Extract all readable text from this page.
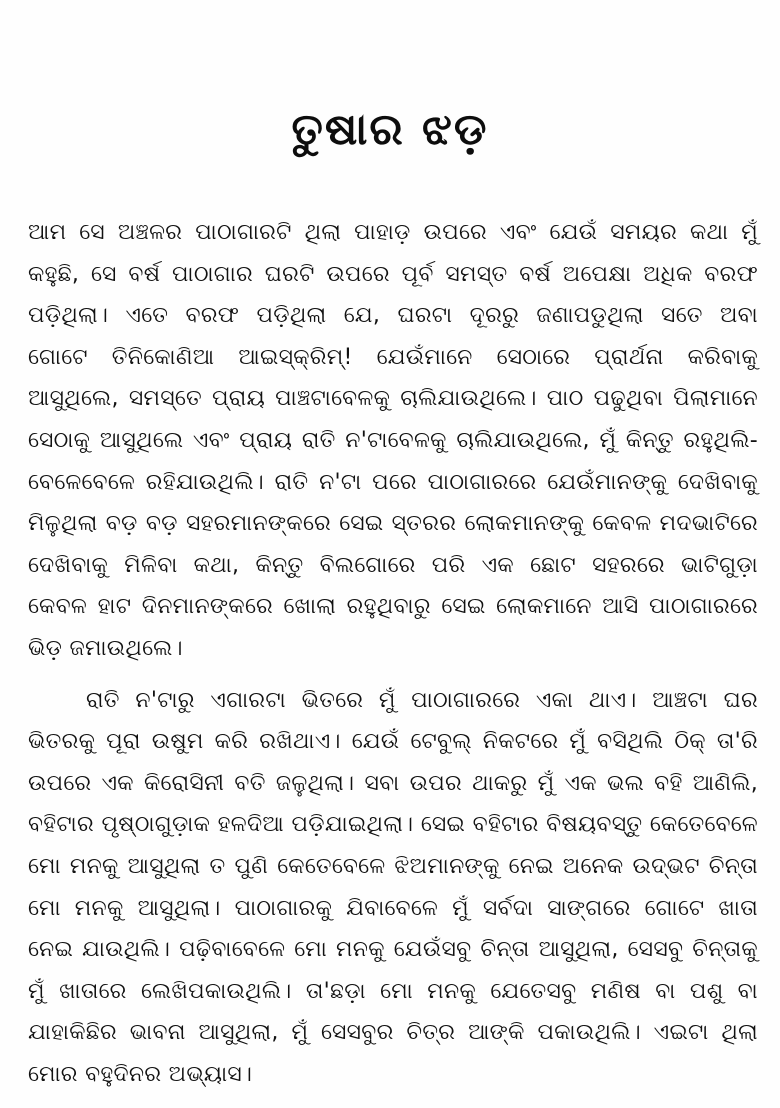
ତୁଷାର ଝଡ଼
ଆମ ସେ ଅଞ୍ଚଳର ପାଠାଗାରଟି ଥିଲା ପାହାଡ଼ ଉପରେ ଏବଂ ଯେଉଁ ସମୟର କଥା ମୁଁ
କହୁଛି, ସେ ବର୍ଷ ପାଠାଗାର ଘରଟି ଉପରେ ପୂର୍ବ ସମସ୍ତ ବର୍ଷ ଅପେକ୍ଷା ଅଧିକ ବରଫ
ପଡ଼ିଥିଲା। ଏତେ ବରଫ ପଡ଼ିଥିଲା ଯେ, ଘରଟା ଦୂରରୁ ଜଣାପଡୁଥିଲା ସତେ ଅବା
ଗୋଟେ ତିନିକୋଣିଆ ଆଇସ୍‌କ୍ରିମ୍! ଯେଉଁମାନେ ସେଠାରେ ପ୍ରାର୍ଥନା କରିବାକୁ
ଆସୁଥିଲେ, ସମସ୍ତେ ପ୍ରାୟ ପାଞ୍ଚଟାବେଳକୁ ଚାଲିଯାଉଥିଲେ। ପାଠ ପଢୁଥିବା ପିଲାମାନେ
ସେଠାକୁ ଆସୁଥିଲେ ଏବଂ ପ୍ରାୟ ରାତି ନ'ଟାବେଳକୁ ଚାଲିଯାଉଥିଲେ, ମୁଁ କିନ୍ତୁ ରହୁଥିଲି-
ବେଳେବେଳେ ରହିଯାଉଥିଲି। ରାତି ନ'ଟା ପରେ ପାଠାଗାରରେ ଯେଉଁମାନଙ୍କୁ ଦେଖିବାକୁ
ମିଳୁଥିଲା ବଡ଼ ବଡ଼ ସହରମାନଙ୍କରେ ସେଇ ସ୍ତରର ଲୋକମାନଙ୍କୁ କେବଳ ମଦଭାଟିରେ
ଦେଖିବାକୁ ମିଳିବା କଥା, କିନ୍ତୁ ବିଲଗୋରେ ପରି ଏକ ଛୋଟ ସହରରେ ଭାଟିଗୁଡ଼ା
କେବଳ ହାଟ ଦିନମାନଙ୍କରେ ଖୋଲା ରହୁଥିବାରୁ ସେଇ ଲୋକମାନେ ଆସି ପାଠାଗାରରେ
ଭିଡ଼ ଜମାଉଥିଲେ।
ରାତି ନ'ଟାରୁ ଏଗାରଟା ଭିତରେ ମୁଁ ପାଠାଗାରରେ ଏକା ଥାଏ। ଆଞ୍ଚଟା ଘର
ଭିତରକୁ ପୂରା ଉଷୁମ କରି ରଖିଥାଏ। ଯେଉଁ ଟେବୁଲ୍ ନିକଟରେ ମୁଁ ବସିଥିଲି ଠିକ୍ ତା'ରି
ଉପରେ ଏକ କିରୋସିନୀ ବତି ଜଳୁଥିଲା। ସବା ଉପର ଥାକରୁ ମୁଁ ଏକ ଭଲ ବହି ଆଣିଲି,
ବହିଟାର ପୃଷ୍ଠାଗୁଡ଼ାକ ହଳଦିଆ ପଡ଼ିଯାଇଥିଲା। ସେଇ ବହିଟାର ବିଷୟବସ୍ତୁ କେତେବେଳେ
ମୋ ମନକୁ ଆସୁଥିଲା ତ ପୁଣି କେତେବେଳେ ଝିଅମାନଙ୍କୁ ନେଇ ଅନେକ ଉଦ୍ଭଟ ଚିନ୍ତା
ମୋ ମନକୁ ଆସୁଥିଲା। ପାଠାଗାରକୁ ଯିବାବେଳେ ମୁଁ ସର୍ବଦା ସାଙ୍ଗରେ ଗୋଟେ ଖାତା
ନେଇ ଯାଉଥିଲି। ପଢ଼ିବାବେଳେ ମୋ ମନକୁ ଯେଉଁସବୁ ଚିନ୍ତା ଆସୁଥିଲା, ସେସବୁ ଚିନ୍ତାକୁ
ମୁଁ ଖାତାରେ ଲେଖିପକାଉଥିଲି। ତା'ଛଡ଼ା ମୋ ମନକୁ ଯେତେସବୁ ମଣିଷ ବା ପଶୁ ବା
ଯାହାକିଛିର ଭାବନା ଆସୁଥିଲା, ମୁଁ ସେସବୁର ଚିତ୍ର ଆଙ୍କି ପକାଉଥିଲି। ଏଇଟା ଥିଲା
ମୋର ବହୁଦିନର ଅଭ୍ୟାସ।
